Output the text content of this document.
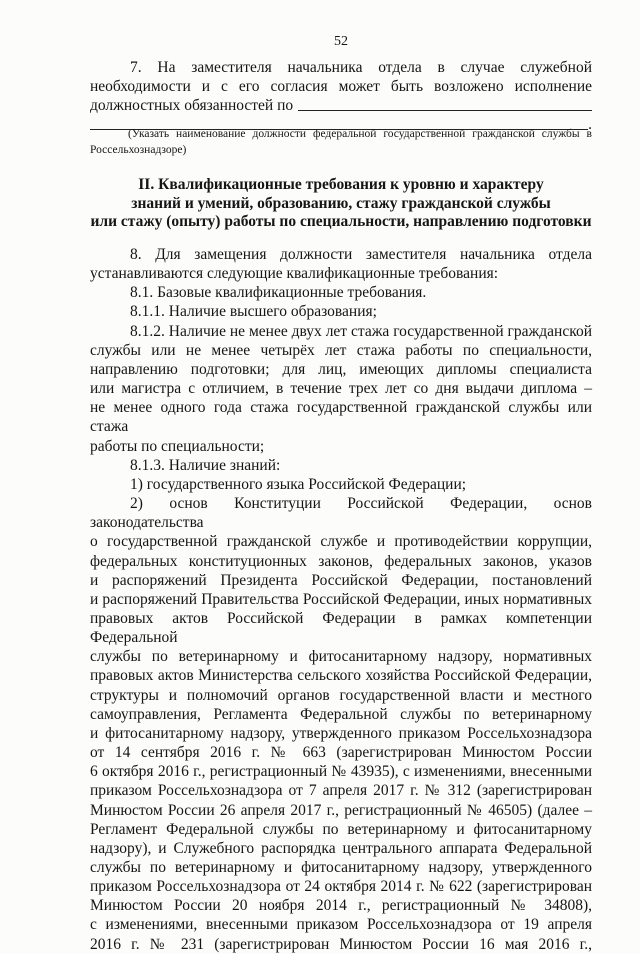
52
7. На заместителя начальника отдела в случае служебной
необходимости и с его согласия может быть возложено исполнение
должностных обязанностей по
.
(Указать наименование должности федеральной государственной гражданской службы в
Россельхознадзоре)
II. Квалификационные требования к уровню и характеру
знаний и умений, образованию, стажу гражданской службы
или стажу (опыту) работы по специальности, направлению подготовки
8. Для замещения должности заместителя начальника отдела
устанавливаются следующие квалификационные требования:
8.1. Базовые квалификационные требования.
8.1.1. Наличие высшего образования;
8.1.2. Наличие не менее двух лет стажа государственной гражданской
службы или не менее четырёх лет стажа работы по специальности,
направлению подготовки; для лиц, имеющих дипломы специалиста
или магистра с отличием, в течение трех лет со дня выдачи диплома –
не менее одного года стажа государственной гражданской службы или стажа
работы по специальности;
8.1.3. Наличие знаний:
1) государственного языка Российской Федерации;
2) основ Конституции Российской Федерации, основ законодательства
о государственной гражданской службе и противодействии коррупции,
федеральных конституционных законов, федеральных законов, указов
и распоряжений Президента Российской Федерации, постановлений
и распоряжений Правительства Российской Федерации, иных нормативных
правовых актов Российской Федерации в рамках компетенции Федеральной
службы по ветеринарному и фитосанитарному надзору, нормативных
правовых актов Министерства сельского хозяйства Российской Федерации,
структуры и полномочий органов государственной власти и местного
самоуправления, Регламента Федеральной службы по ветеринарному
и фитосанитарному надзору, утвержденного приказом Россельхознадзора
от 14 сентября 2016 г. № 663 (зарегистрирован Минюстом России
6 октября 2016 г., регистрационный № 43935), с изменениями, внесенными
приказом Россельхознадзора от 7 апреля 2017 г. № 312 (зарегистрирован
Минюстом России 26 апреля 2017 г., регистрационный № 46505) (далее –
Регламент Федеральной службы по ветеринарному и фитосанитарному
надзору), и Служебного распорядка центрального аппарата Федеральной
службы по ветеринарному и фитосанитарному надзору, утвержденного
приказом Россельхознадзора от 24 октября 2014 г. № 622 (зарегистрирован
Минюстом России 20 ноября 2014 г., регистрационный № 34808),
с изменениями, внесенными приказом Россельхознадзора от 19 апреля
2016 г. № 231 (зарегистрирован Минюстом России 16 мая 2016 г.,
